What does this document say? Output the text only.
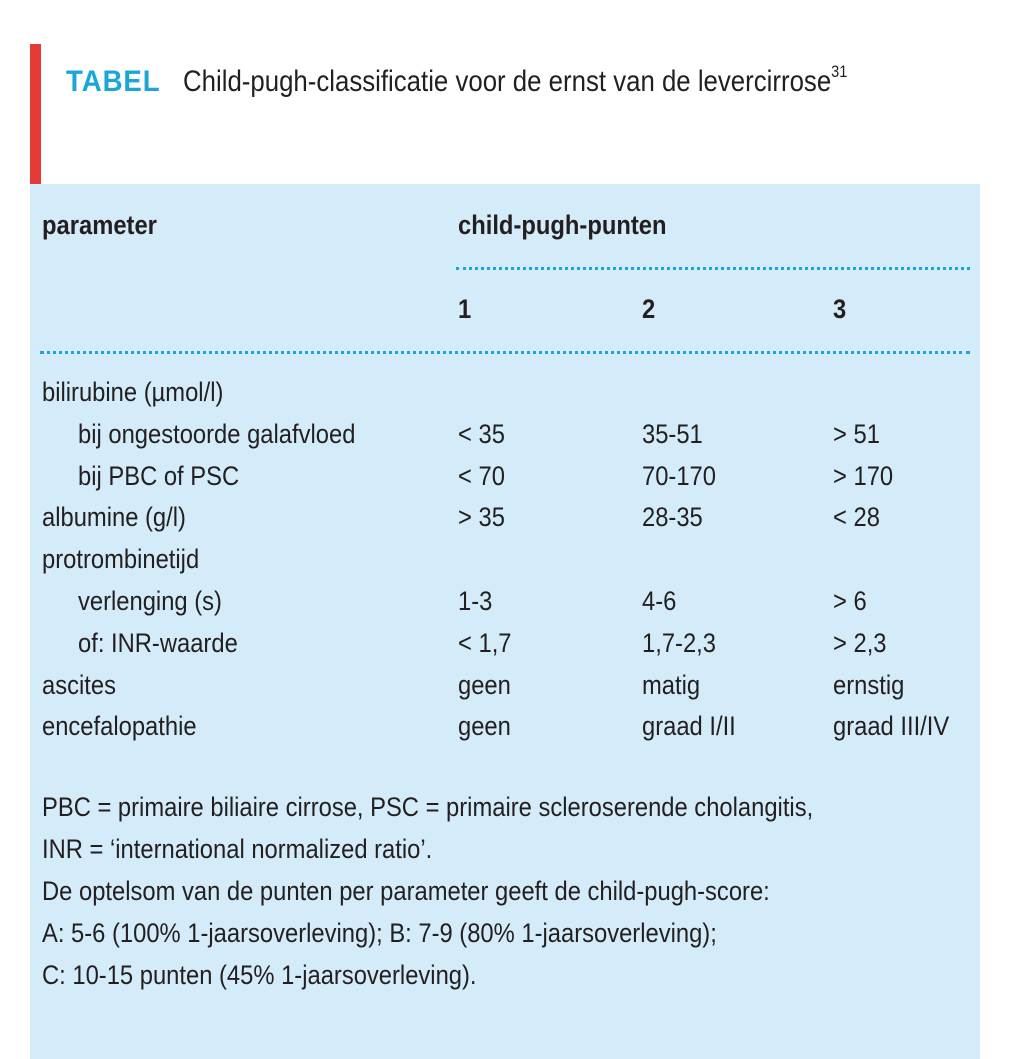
TABEL Child-pugh-classificatie voor de ernst van de levercirrose$^{31}$
parameter	child-pugh-punten
1	2	3
bilirubine (µmol/l)
bij ongestoorde galafvloed	< 35	35-51	> 51
bij PBC of PSC	< 70	70-170	> 170
albumine (g/l)	> 35	28-35	< 28
protrombinetijd
verlenging (s)	1-3	4-6	> 6
of: INR-waarde	< 1,7	1,7-2,3	> 2,3
ascites	geen	matig	ernstig
encefalopathie	geen	graad I/II	graad III/IV
PBC = primaire biliaire cirrose, PSC = primaire scleroserende cholangitis,
INR = ‘international normalized ratio’.
De optelsom van de punten per parameter geeft de child-pugh-score:
A: 5-6 (100% 1-jaarsoverleving); B: 7-9 (80% 1-jaarsoverleving);
C: 10-15 punten (45% 1-jaarsoverleving).
